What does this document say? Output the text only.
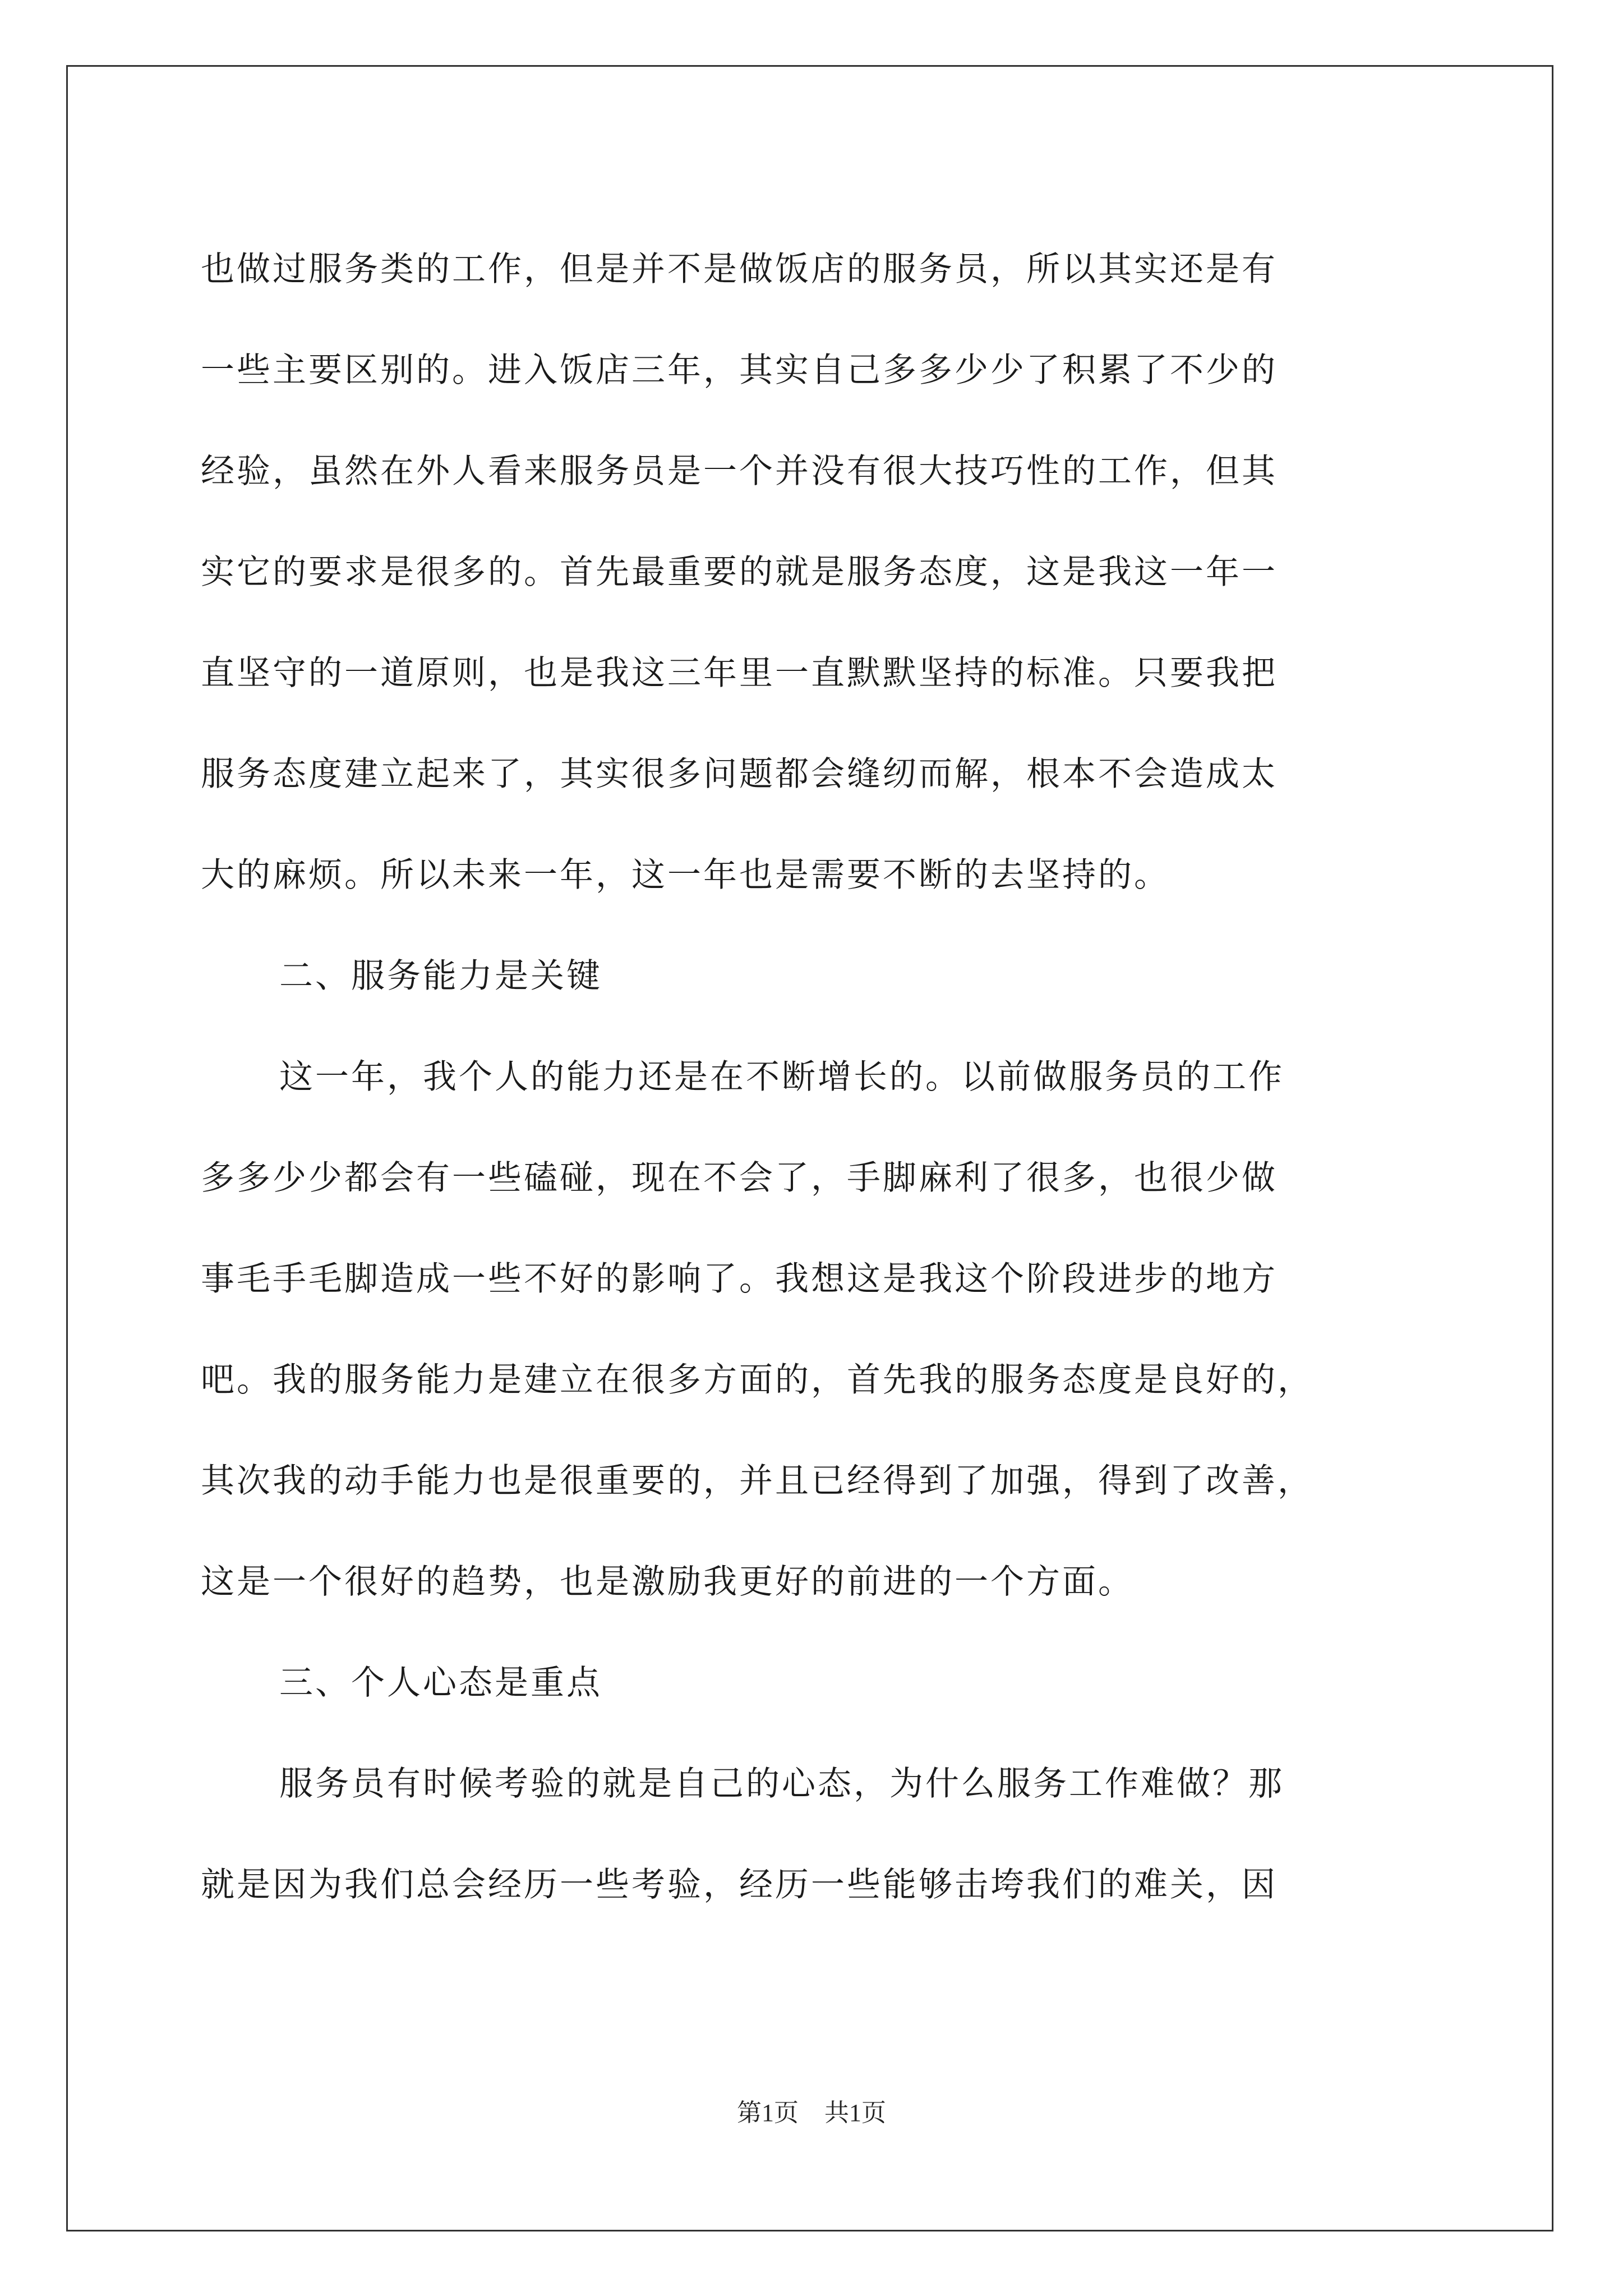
也做过服务类的工作，但是并不是做饭店的服务员，所以其实还是有
一些主要区别的。进入饭店三年，其实自己多多少少了积累了不少的
经验，虽然在外人看来服务员是一个并没有很大技巧性的工作，但其
实它的要求是很多的。首先最重要的就是服务态度，这是我这一年一
直坚守的一道原则，也是我这三年里一直默默坚持的标准。只要我把
服务态度建立起来了，其实很多问题都会缝纫而解，根本不会造成太
大的麻烦。所以未来一年，这一年也是需要不断的去坚持的。
二、服务能力是关键
这一年，我个人的能力还是在不断增长的。以前做服务员的工作
多多少少都会有一些磕碰，现在不会了，手脚麻利了很多，也很少做
事毛手毛脚造成一些不好的影响了。我想这是我这个阶段进步的地方
吧。我的服务能力是建立在很多方面的，首先我的服务态度是良好的，
其次我的动手能力也是很重要的，并且已经得到了加强，得到了改善，
这是一个很好的趋势，也是激励我更好的前进的一个方面。
三、个人心态是重点
服务员有时候考验的就是自己的心态，为什么服务工作难做？那
就是因为我们总会经历一些考验，经历一些能够击垮我们的难关，因
第1页 共1页
